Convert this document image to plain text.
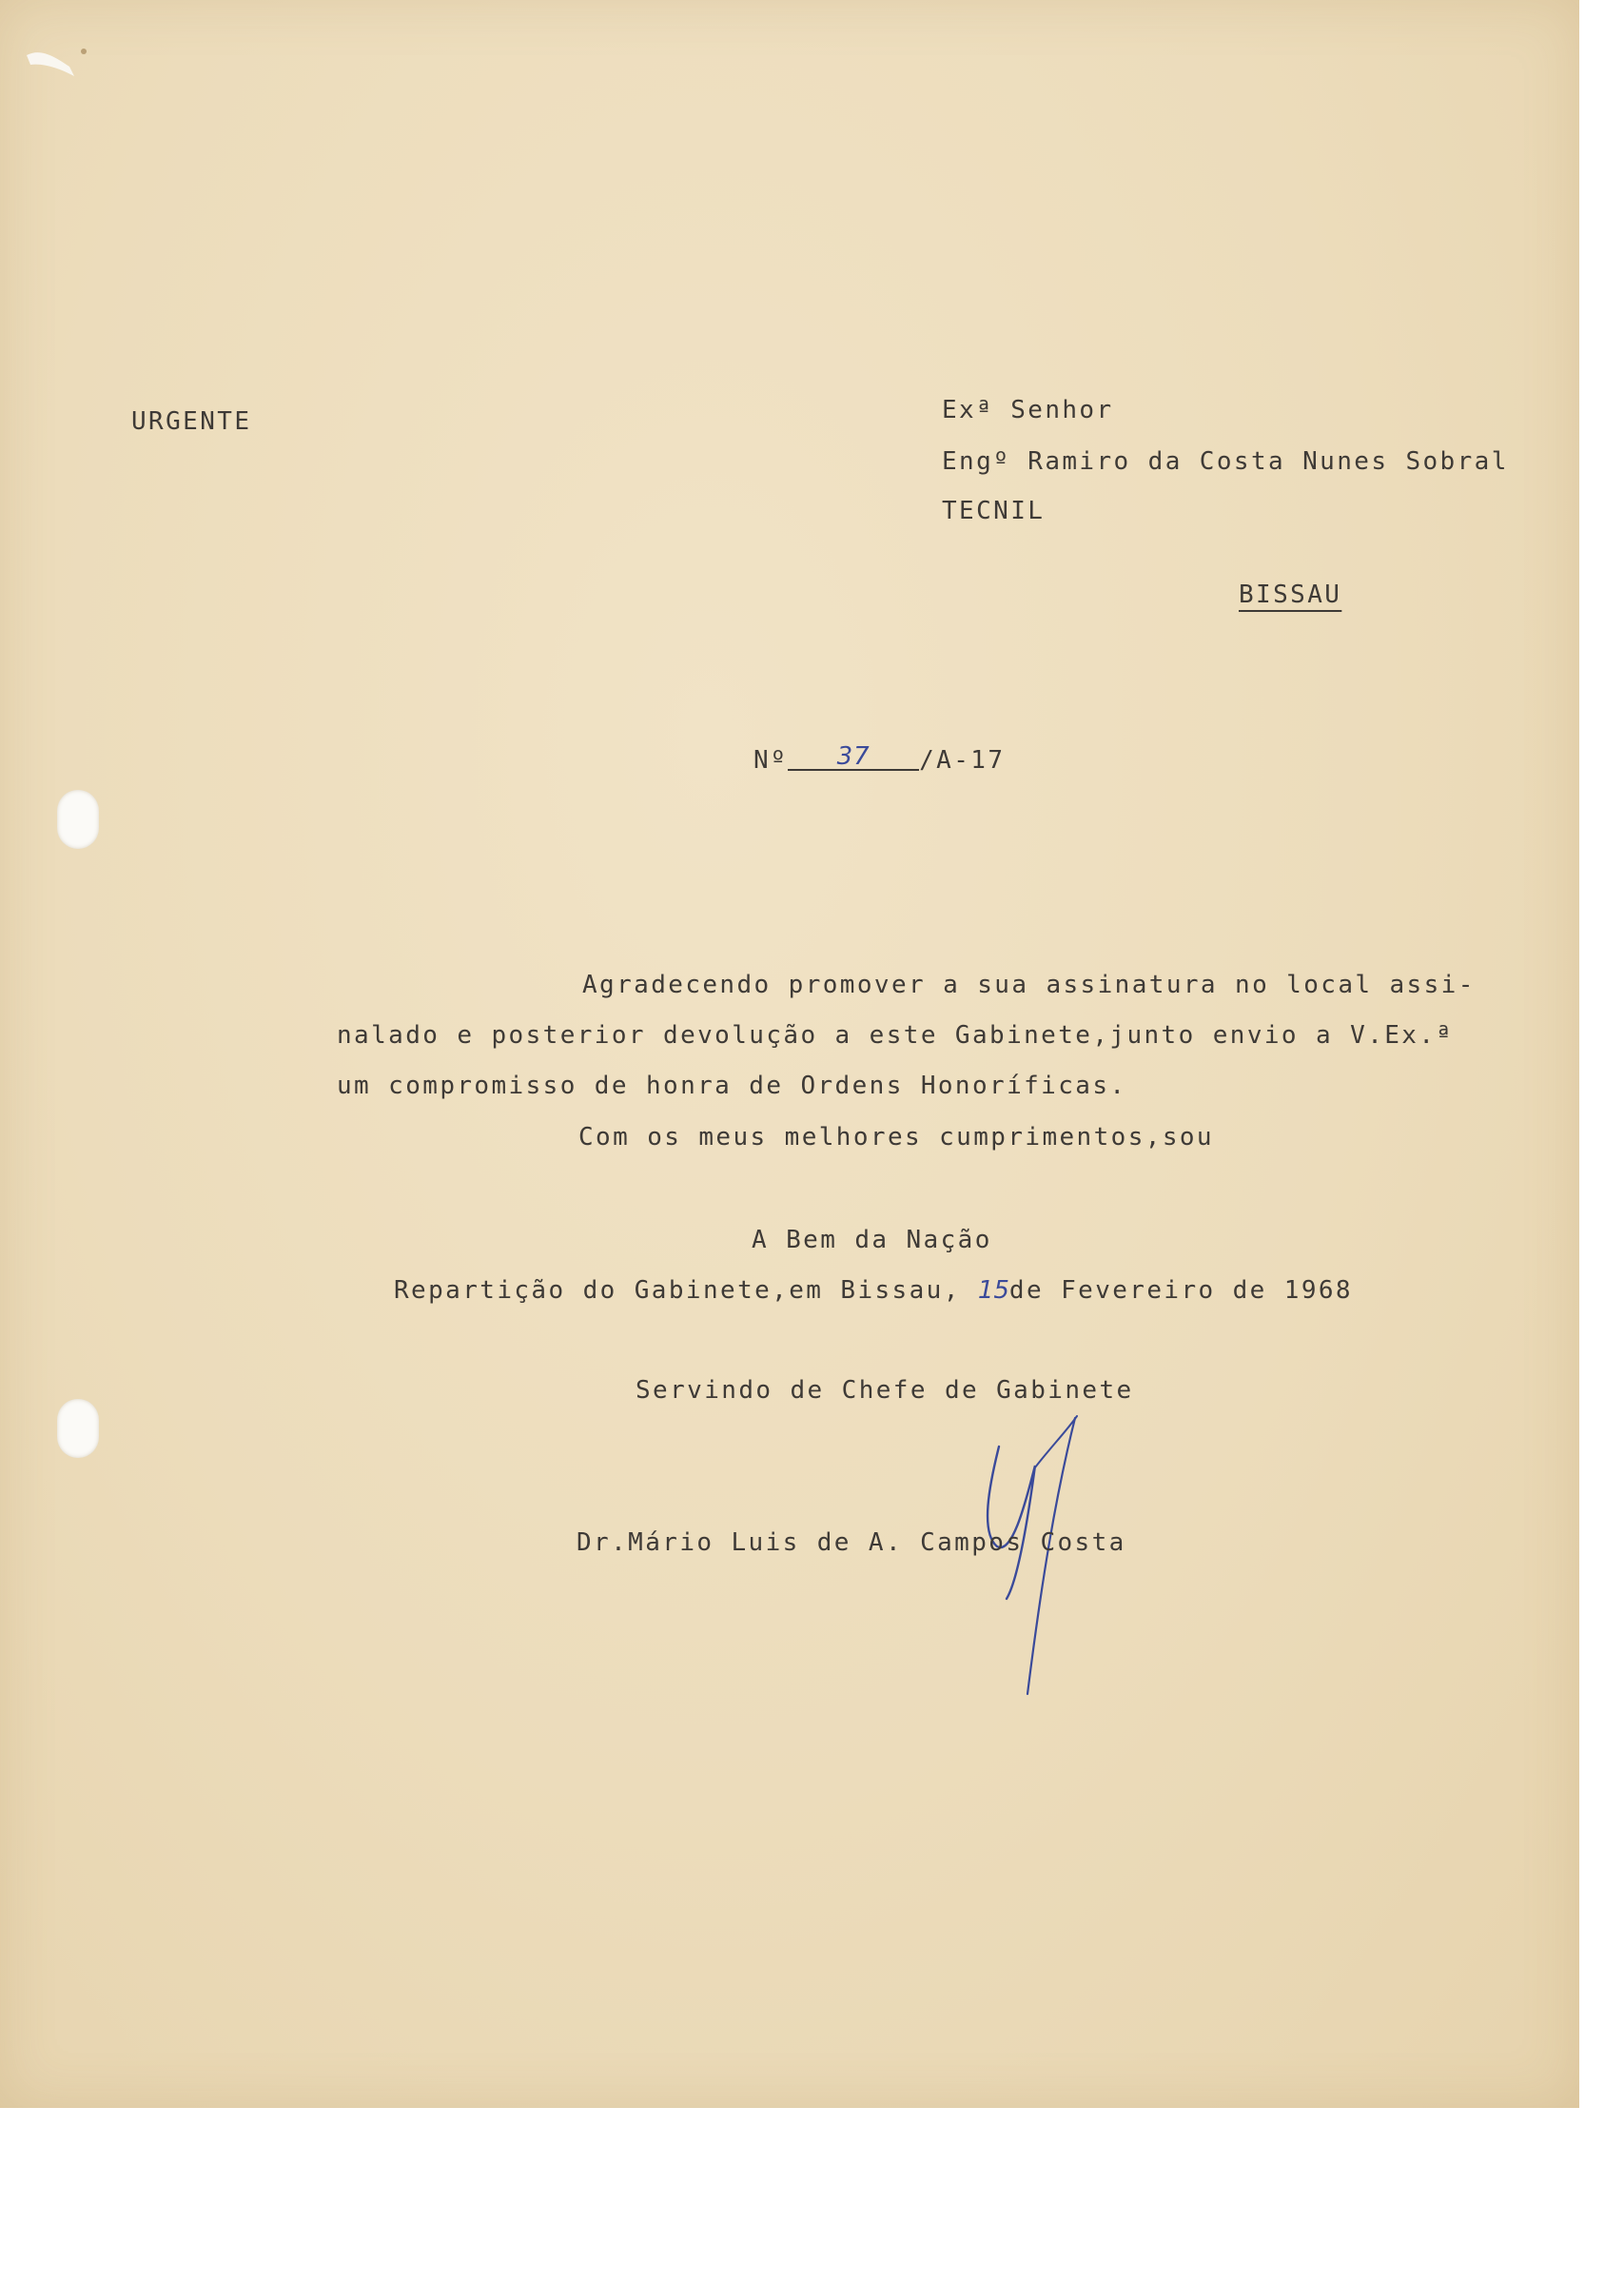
URGENTE	Exª Senhor
Engº Ramiro da Costa Nunes Sobral
TECNIL
BISSAU
Nº 37 /A-17
Agradecendo promover a sua assinatura no local assi-
nalado e posterior devolução a este Gabinete,junto envio a V.Ex.ª
um compromisso de honra de Ordens Honoríficas.
Com os meus melhores cumprimentos,sou
A Bem da Nação
Repartição do Gabinete,em Bissau, 15de Fevereiro de 1968
Servindo de Chefe de Gabinete
Dr.Mário Luis de A. Campos Costa
